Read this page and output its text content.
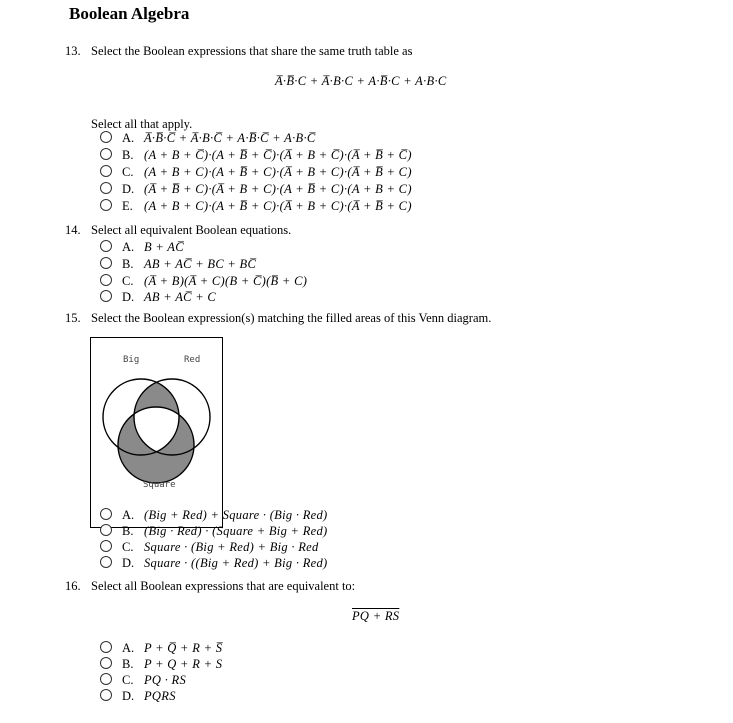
Boolean Algebra
13. Select the Boolean expressions that share the same truth table as
A̅·B̅·C + A̅·B·C + A·B̅·C + A·B·C
Select all that apply.
A. A̅·B̅·C̅ + A̅·B·C̅ + A·B̅·C̅ + A·B·C̅
B. (A + B + C̅)·(A + B̅ + C̅)·(A̅ + B + C̅)·(A̅ + B̅ + C̅)
C. (A + B + C)·(A + B̅ + C)·(A̅ + B + C)·(A̅ + B̅ + C)
D. (A̅ + B̅ + C)·(A̅ + B + C)·(A + B̅ + C)·(A + B + C)
E. (A + B + C)·(A + B̅ + C)·(A̅ + B + C)·(A̅ + B̅ + C)
14. Select all equivalent Boolean equations.
A. B + AC̅
B. AB + AC̅ + BC + BC̅
C. (A̅ + B)(A̅ + C)(B + C̅)(B̅ + C)
D. AB + AC̅ + C
15. Select the Boolean expression(s) matching the filled areas of this Venn diagram.
Big	Red
Square
A. (Big + Red) + Square · (Big · Red)
B. (Big · Red) · (Square + Big + Red)
C. Square · (Big + Red) + Big · Red
D. Square · ((Big + Red) + Big · Red)
16. Select all Boolean expressions that are equivalent to:
PQ + RS
A. P + Q̅ + R + S̅
B. P + Q + R + S
C. PQ · RS
D. PQRS
